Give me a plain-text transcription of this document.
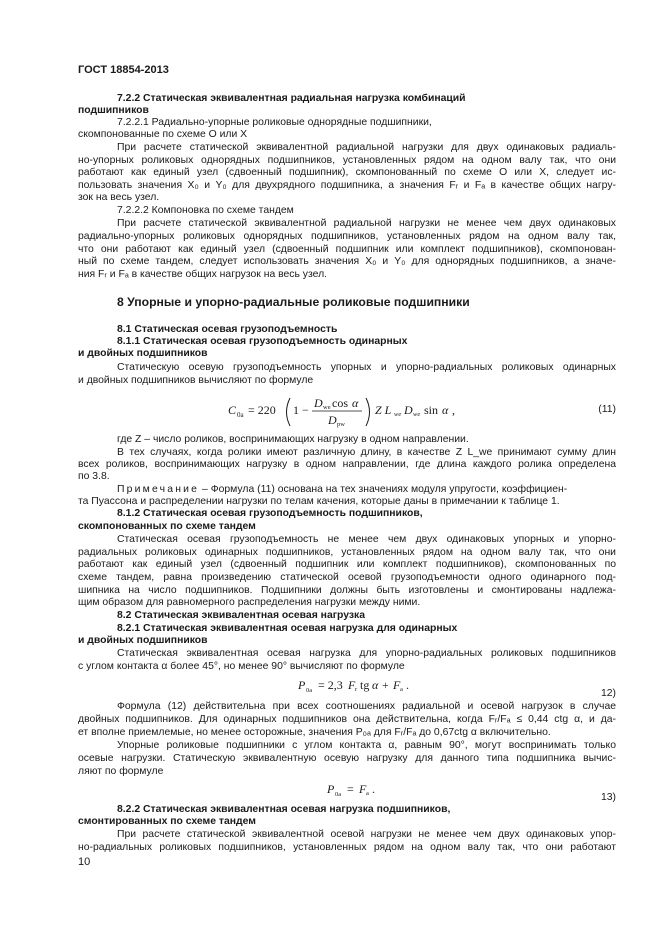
ГОСТ 18854-2013
7.2.2 Статическая эквивалентная радиальная нагрузка комбинаций
подшипников
7.2.2.1 Радиально-упорные роликовые однорядные подшипники,
скомпонованные по схеме О или Х
При расчете статической эквивалентной радиальной нагрузки для двух одинаковых радиаль-
но-упорных роликовых однорядных подшипников, установленных рядом на одном валу так, что они
работают как единый узел (сдвоенный подшипник), скомпонованный по схеме О или Х, следует ис-
пользовать значения X₀ и Y₀ для двухрядного подшипника, а значения Fᵣ и Fₐ в качестве общих нагру-
зок на весь узел.
7.2.2.2 Компоновка по схеме тандем
При расчете статической эквивалентной радиальной нагрузки не менее чем двух одинаковых
радиально-упорных роликовых однорядных подшипников, установленных рядом на одном валу так,
что они работают как единый узел (сдвоенный подшипник или комплект подшипников), скомпонован-
ный по схеме тандем, следует использовать значения X₀ и Y₀ для однорядных подшипников, а значе-
ния Fᵣ и Fₐ в качестве общих нагрузок на весь узел.
8 Упорные и упорно-радиальные роликовые подшипники
8.1 Статическая осевая грузоподъемность
8.1.1 Статическая осевая грузоподъемность одинарных
и двойных подшипников
Статическую осевую грузоподъемность упорных и упорно-радиальных роликовых одинарных
и двойных подшипников вычисляют по формуле
C 0a = 220 1 − D we cos α
D pw
Z L we D we sin α ,	(11)
где Z – число роликов, воспринимающих нагрузку в одном направлении.
В тех случаях, когда ролики имеют различную длину, в качестве Z L_we принимают сумму длин
всех роликов, воспринимающих нагрузку в одном направлении, где длина каждого ролика определена
по 3.8.
Примечание – Формула (11) основана на тех значениях модуля упругости, коэффициен-
та Пуассона и распределении нагрузки по телам качения, которые даны в примечании к таблице 1.
8.1.2 Статическая осевая грузоподъемность подшипников,
скомпонованных по схеме тандем
Статическая осевая грузоподъемность не менее чем двух одинаковых упорных и упорно-
радиальных роликовых одинарных подшипников, установленных рядом на одном валу так, что они
работают как единый узел (сдвоенный подшипник или комплект подшипников), скомпонованных по
схеме тандем, равна произведению статической осевой грузоподъемности одного одинарного под-
шипника на число подшипников. Подшипники должны быть изготовлены и смонтированы надлежа-
щим образом для равномерного распределения нагрузки между ними.
8.2 Статическая эквивалентная осевая нагрузка
8.2.1 Статическая эквивалентная осевая нагрузка для одинарных
и двойных подшипников
Статическая эквивалентная осевая нагрузка для упорно-радиальных роликовых подшипников
с углом контакта α более 45°, но менее 90° вычисляют по формуле
P 0a = 2,3 F r tg α + F a .
12)
Формула (12) действительна при всех соотношениях радиальной и осевой нагрузок в случае
двойных подшипников. Для одинарных подшипников она действительна, когда Fᵣ/Fₐ ≤ 0,44 ctg α, и да-
ет вполне приемлемые, но менее осторожные, значения P₀ₐ для Fᵣ/Fₐ до 0,67ctg α включительно.
Упорные роликовые подшипники с углом контакта α, равным 90°, могут воспринимать только
осевые нагрузки. Статическую эквивалентную осевую нагрузку для данного типа подшипника вычис-
ляют по формуле
P 0a = F a .
13)
8.2.2 Статическая эквивалентная осевая нагрузка подшипников,
смонтированных по схеме тандем
При расчете статической эквивалентной осевой нагрузки не менее чем двух одинаковых упор-
но-радиальных роликовых подшипников, установленных рядом на одном валу так, что они работают
10
